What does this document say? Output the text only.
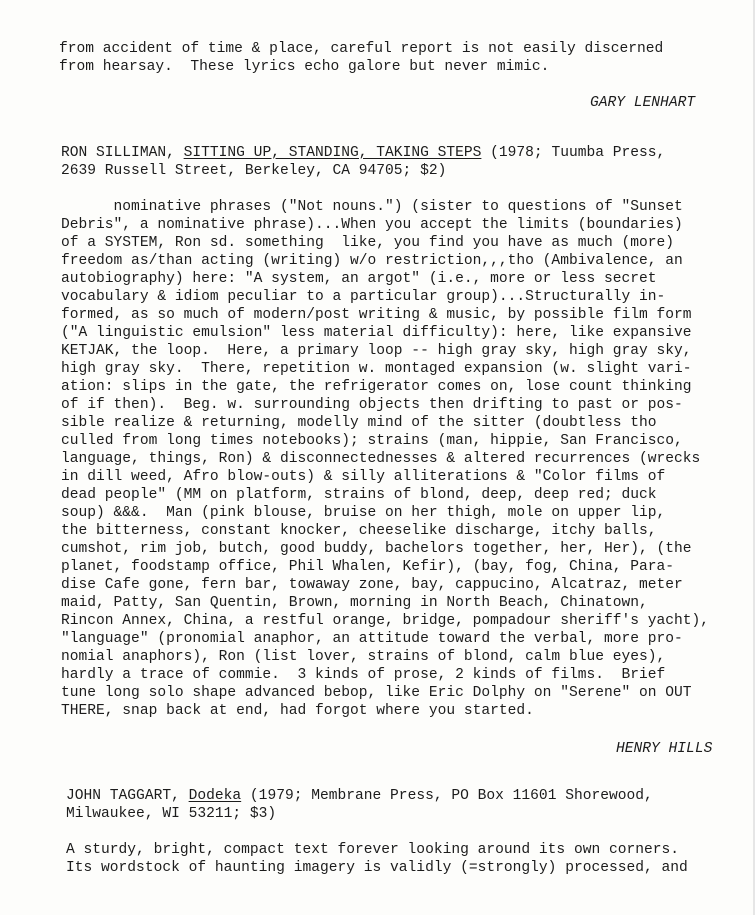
from accident of time & place, careful report is not easily discerned
from hearsay.  These lyrics echo galore but never mimic.
GARY LENHART
RON SILLIMAN, SITTING UP, STANDING, TAKING STEPS (1978; Tuumba Press,
2639 Russell Street, Berkeley, CA 94705; $2)
nominative phrases ("Not nouns.") (sister to questions of "Sunset
Debris", a nominative phrase)...When you accept the limits (boundaries)
of a SYSTEM, Ron sd. something  like, you find you have as much (more)
freedom as/than acting (writing) w/o restriction,,,tho (Ambivalence, an
autobiography) here: "A system, an argot" (i.e., more or less secret
vocabulary & idiom peculiar to a particular group)...Structurally in-
formed, as so much of modern/post writing & music, by possible film form
("A linguistic emulsion" less material difficulty): here, like expansive
KETJAK, the loop.  Here, a primary loop -- high gray sky, high gray sky,
high gray sky.  There, repetition w. montaged expansion (w. slight vari-
ation: slips in the gate, the refrigerator comes on, lose count thinking
of if then).  Beg. w. surrounding objects then drifting to past or pos-
sible realize & returning, modelly mind of the sitter (doubtless tho
culled from long times notebooks); strains (man, hippie, San Francisco,
language, things, Ron) & disconnectednesses & altered recurrences (wrecks
in dill weed, Afro blow-outs) & silly alliterations & "Color films of
dead people" (MM on platform, strains of blond, deep, deep red; duck
soup) &&&.  Man (pink blouse, bruise on her thigh, mole on upper lip,
the bitterness, constant knocker, cheeselike discharge, itchy balls,
cumshot, rim job, butch, good buddy, bachelors together, her, Her), (the
planet, foodstamp office, Phil Whalen, Kefir), (bay, fog, China, Para-
dise Cafe gone, fern bar, towaway zone, bay, cappucino, Alcatraz, meter
maid, Patty, San Quentin, Brown, morning in North Beach, Chinatown,
Rincon Annex, China, a restful orange, bridge, pompadour sheriff's yacht),
"language" (pronomial anaphor, an attitude toward the verbal, more pro-
nomial anaphors), Ron (list lover, strains of blond, calm blue eyes),
hardly a trace of commie.  3 kinds of prose, 2 kinds of films.  Brief
tune long solo shape advanced bebop, like Eric Dolphy on "Serene" on OUT
THERE, snap back at end, had forgot where you started.
HENRY HILLS
JOHN TAGGART, Dodeka (1979; Membrane Press, PO Box 11601 Shorewood,
Milwaukee, WI 53211; $3)
A sturdy, bright, compact text forever looking around its own corners.
Its wordstock of haunting imagery is validly (=strongly) processed, and
